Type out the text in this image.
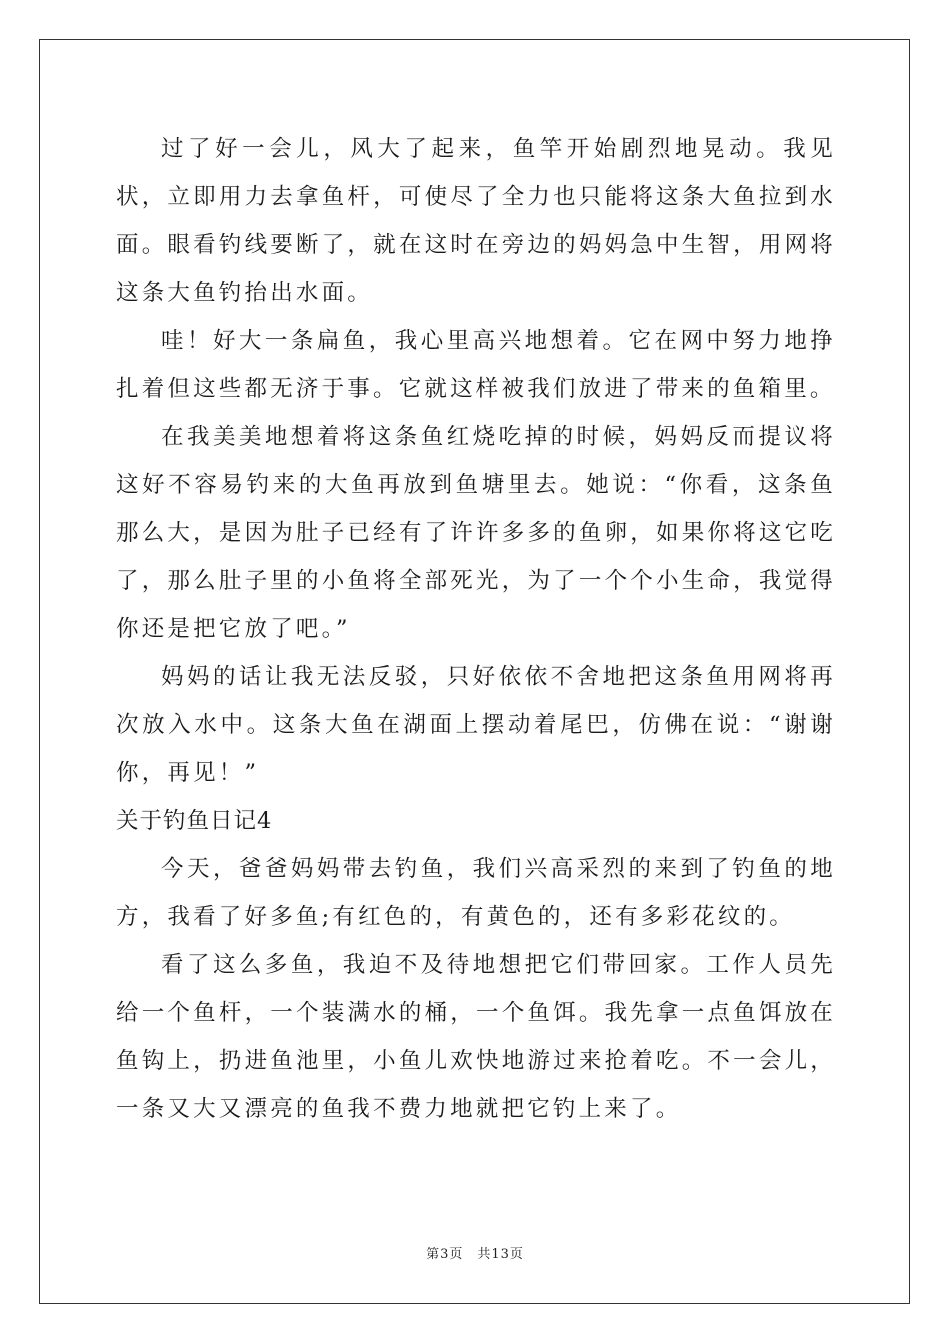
过了好一会儿，风大了起来，鱼竿开始剧烈地晃动。我见状，立即用力去拿鱼杆，可使尽了全力也只能将这条大鱼拉到水面。眼看钓线要断了，就在这时在旁边的妈妈急中生智，用网将这条大鱼钓抬出水面。

哇！好大一条扁鱼，我心里高兴地想着。它在网中努力地挣扎着但这些都无济于事。它就这样被我们放进了带来的鱼箱里。

在我美美地想着将这条鱼红烧吃掉的时候，妈妈反而提议将这好不容易钓来的大鱼再放到鱼塘里去。她说：“你看，这条鱼那么大，是因为肚子已经有了许许多多的鱼卵，如果你将这它吃了，那么肚子里的小鱼将全部死光，为了一个个小生命，我觉得你还是把它放了吧。”

妈妈的话让我无法反驳，只好依依不舍地把这条鱼用网将再次放入水中。这条大鱼在湖面上摆动着尾巴，仿佛在说：“谢谢你，再见！”

关于钓鱼日记4

今天，爸爸妈妈带去钓鱼，我们兴高采烈的来到了钓鱼的地方，我看了好多鱼;有红色的，有黄色的，还有多彩花纹的。

看了这么多鱼，我迫不及待地想把它们带回家。工作人员先给一个鱼杆，一个装满水的桶，一个鱼饵。我先拿一点鱼饵放在鱼钩上，扔进鱼池里，小鱼儿欢快地游过来抢着吃。不一会儿，一条又大又漂亮的鱼我不费力地就把它钓上来了。

第3页 共13页
